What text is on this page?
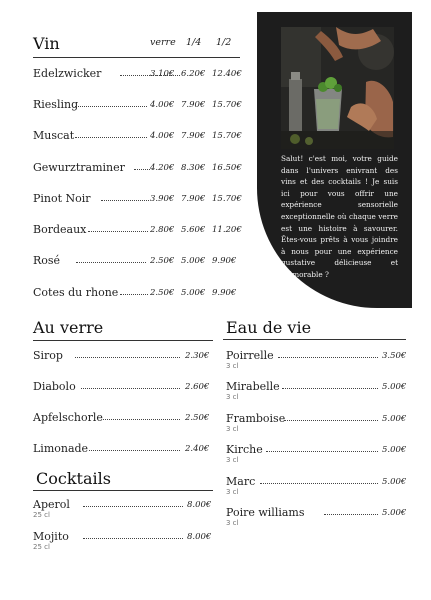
Vin	verre 1/4 1/2
Edelzwicker	3.10€ 6.20€ 12.40€
Riesling	4.00€ 7.90€ 15.70€
Muscat	4.00€ 7.90€ 15.70€
Gewurztraminer	4.20€ 8.30€ 16.50€
Pinot Noir	3.90€ 7.90€ 15.70€
Bordeaux	2.80€ 5.60€ 11.20€
Rosé	2.50€ 5.00€ 9.90€
Cotes du rhone	2.50€ 5.00€ 9.90€
Salut! c'est moi, votre guide dans l'univers enivrant des vins et des cocktails ! Je suis ici pour vous offrir une expérience sensorielle exceptionnelle où chaque verre est une histoire à savourer. Êtes-vous prêts à vous joindre à nous pour une expérience gustative délicieuse et mémorable ?
Au verre
Sirop	2.30€
Diabolo	2.60€
Apfelschorle	2.50€
Limonade	2.40€
Cocktails
Aperol	8.00€
25 cl
Mojito	8.00€
25 cl
Eau de vie
Poirrelle	3.50€
3 cl
Mirabelle	5.00€
3 cl
Framboise	5.00€
3 cl
Kirche	5.00€
3 cl
Marc	5.00€
3 cl
Poire williams	5.00€
3 cl
